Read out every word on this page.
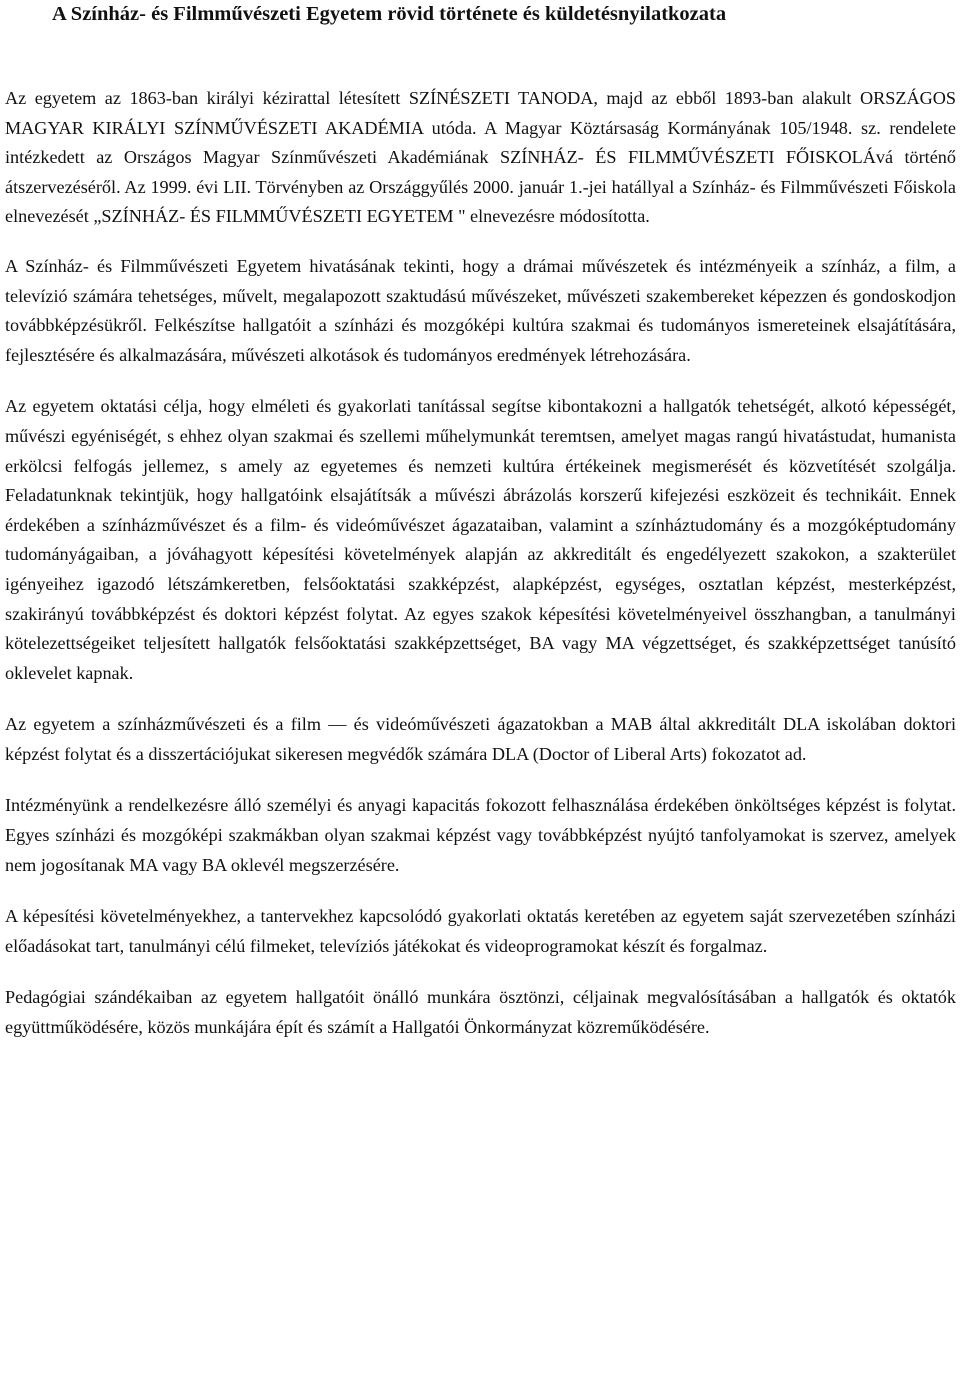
A Színház- és Filmművészeti Egyetem rövid története és küldetésnyilatkozata

Az egyetem az 1863-ban királyi kézirattal létesített SZÍNÉSZETI TANODA, majd az ebből 1893-ban alakult ORSZÁGOS MAGYAR KIRÁLYI SZÍNMŰVÉSZETI AKADÉMIA utóda. A Magyar Köztársaság Kormányának 105/1948. sz. rendelete intézkedett az Országos Magyar Színművészeti Akadémiának SZÍNHÁZ- ÉS FILMMŰVÉSZETI FŐISKOLÁvá történő átszervezéséről. Az 1999. évi LII. Törvényben az Országgyűlés 2000. január 1.-jei hatállyal a Színház- és Filmművészeti Főiskola elnevezését „SZÍNHÁZ- ÉS FILMMŰVÉSZETI EGYETEM " elnevezésre módosította.

A Színház- és Filmművészeti Egyetem hivatásának tekinti, hogy a drámai művészetek és intézményeik a színház, a film, a televízió számára tehetséges, művelt, megalapozott szaktudású művészeket, művészeti szakembereket képezzen és gondoskodjon továbbképzésükről. Felkészítse hallgatóit a színházi és mozgóképi kultúra szakmai és tudományos ismereteinek elsajátítására, fejlesztésére és alkalmazására, művészeti alkotások és tudományos eredmények létrehozására.

Az egyetem oktatási célja, hogy elméleti és gyakorlati tanítással segítse kibontakozni a hallgatók tehetségét, alkotó képességét, művészi egyéniségét, s ehhez olyan szakmai és szellemi műhelymunkát teremtsen, amelyet magas rangú hivatástudat, humanista erkölcsi felfogás jellemez, s amely az egyetemes és nemzeti kultúra értékeinek megismerését és közvetítését szolgálja. Feladatunknak tekintjük, hogy hallgatóink elsajátítsák a művészi ábrázolás korszerű kifejezési eszközeit és technikáit. Ennek érdekében a színházművészet és a film- és videóművészet ágazataiban, valamint a színháztudomány és a mozgóképtudomány tudományágaiban, a jóváhagyott képesítési követelmények alapján az akkreditált és engedélyezett szakokon, a szakterület igényeihez igazodó létszámkeretben, felsőoktatási szakképzést, alapképzést, egységes, osztatlan képzést, mesterképzést, szakirányú továbbképzést és doktori képzést folytat. Az egyes szakok képesítési követelményeivel összhangban, a tanulmányi kötelezettségeiket teljesített hallgatók felsőoktatási szakképzettséget, BA vagy MA végzettséget, és szakképzettséget tanúsító oklevelet kapnak.

Az egyetem a színházművészeti és a film — és videóművészeti ágazatokban a MAB által akkreditált DLA iskolában doktori képzést folytat és a disszertációjukat sikeresen megvédők számára DLA (Doctor of Liberal Arts) fokozatot ad.

Intézményünk a rendelkezésre álló személyi és anyagi kapacitás fokozott felhasználása érdekében önköltséges képzést is folytat. Egyes színházi és mozgóképi szakmákban olyan szakmai képzést vagy továbbképzést nyújtó tanfolyamokat is szervez, amelyek nem jogosítanak MA vagy BA oklevél megszerzésére.

A képesítési követelményekhez, a tantervekhez kapcsolódó gyakorlati oktatás keretében az egyetem saját szervezetében színházi előadásokat tart, tanulmányi célú filmeket, televíziós játékokat és videoprogramokat készít és forgalmaz.

Pedagógiai szándékaiban az egyetem hallgatóit önálló munkára ösztönzi, céljainak megvalósításában a hallgatók és oktatók együttműködésére, közös munkájára épít és számít a Hallgatói Önkormányzat közreműködésére.
